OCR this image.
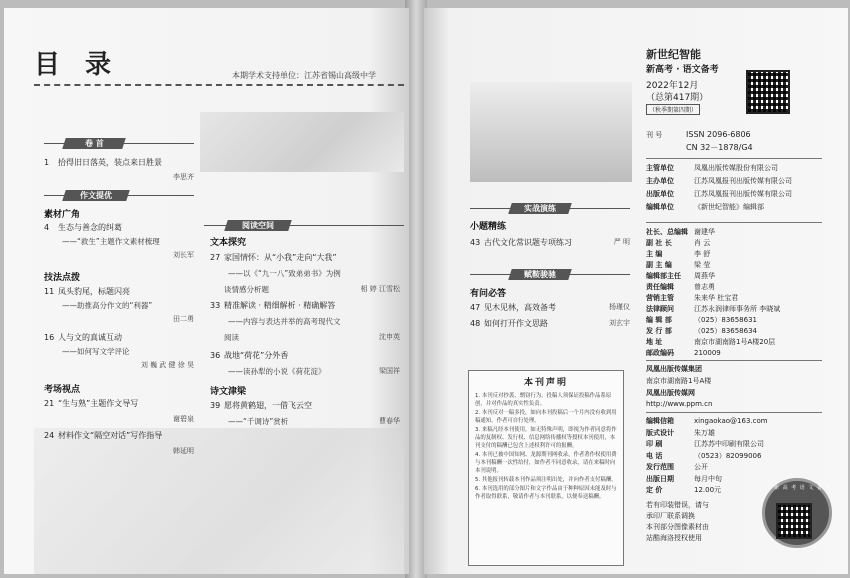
目 录	本期学术支持单位：江苏省锡山高级中学
卷 首
1 拾得旧日落英，装点来日胜景
李思齐
作文提优
素材广角
4 生态与善念的纠葛
——“救生”主题作文素材梳理
刘长军
技法点拨
11 凤头豹尾，标题闪亮
——助推高分作文的“利器”
田二勇
16 人与文的真诚互动
——如何写文学评论
刘 巍 武 健 徐 昊
考场视点
21 “生与熟”主题作文导写
谢碧泉
24 材料作文“隔空对话”写作指导
韩延明
阅读空间
文本探究
27 家国情怀：从“小我”走向“大我”
——以《“九一八”致弟弟书》为例
谈情感分析题	相 婷 江雪松
33 精准解读 · 精细解析 · 精确解答
——内容与表达并举的高考现代文
阅读	沈申英
36 战地“荷花”分外香
——读孙犁的小说《荷花淀》	梁国祥
诗文津梁
39 愿将黄鹤翅，一借飞云空
——“千调诗”赏析	曹春华
新世纪智能
新高考 · 语文备考
2022年12月
（总第417期）
（秋季期第四期）
刊 号	ISSN 2096-6806
CN 32－1878/G4
主管单位	凤凰出版传媒股份有限公司
主办单位	江苏凤凰报刊出版传媒有限公司
出版单位	江苏凤凰报刊出版传媒有限公司
编辑单位	《新世纪智能》编辑部
社长、总编辑 谢建华
副 社 长	肖 云
主 编	李 舒
副 主 编	梁 莹
编辑部主任 周燕华
责任编辑	曾志勇
营销主管	朱来华 杜宝君
法律顾问	江苏永润律师事务所 李晓斌
编 辑 部	（025）83658631
发 行 部	（025）83658634
地 址	南京市湖南路1号A楼20层
邮政编码	210009
凤凰出版传媒集团
南京市湖南路1号A楼
凤凰出版传媒网
http://www.ppm.cn
编辑信箱	xingaokao@163.com
版式设计	朱万雄
印 刷	江苏苏中印刷有限公司
电 话	（0523）82099006
发行范围	公开
出版日期	每月中旬
定 价	12.00元
若有印装错误，请与
承印厂联系调换
本刊部分图像素材由
站酷海洛授权使用
新 高 考 语 文 备 考
实战演练
小题精练
43 古代文化常识题专项练习	严 明
赋鞍骏驰
有问必答
47 见木见林，高效备考	杨瑾仪
48 如何打开作文思路	刘玄宇
本刊声明

1. 本刊反对抄袭、剽窃行为，投稿人须保证投稿作品系原创，并对作品的真实性负责。

2. 本刊反对一稿多投，如向本刊投稿后一个月内没有收到用稿通知，作者可自行处理。

3. 来稿凡经本刊使用，如无特殊声明，即视为作者同意将作品的复制权、发行权、信息网络传播权等授权本刊使用，本刊支付的稿酬已包含上述权利许可的报酬。

4. 本刊已被中国知网、龙源期刊网收录，作者著作权使用费与本刊稿酬一次性给付，如作者不同意收录，请在来稿时向本刊说明。

5. 其他报刊转载本刊作品须注明出处，并向作者支付稿酬。

6. 本刊选用的部分图片和文字作品由于种种原因未能及时与作者取得联系，敬请作者与本刊联系，以便奉送稿酬。
